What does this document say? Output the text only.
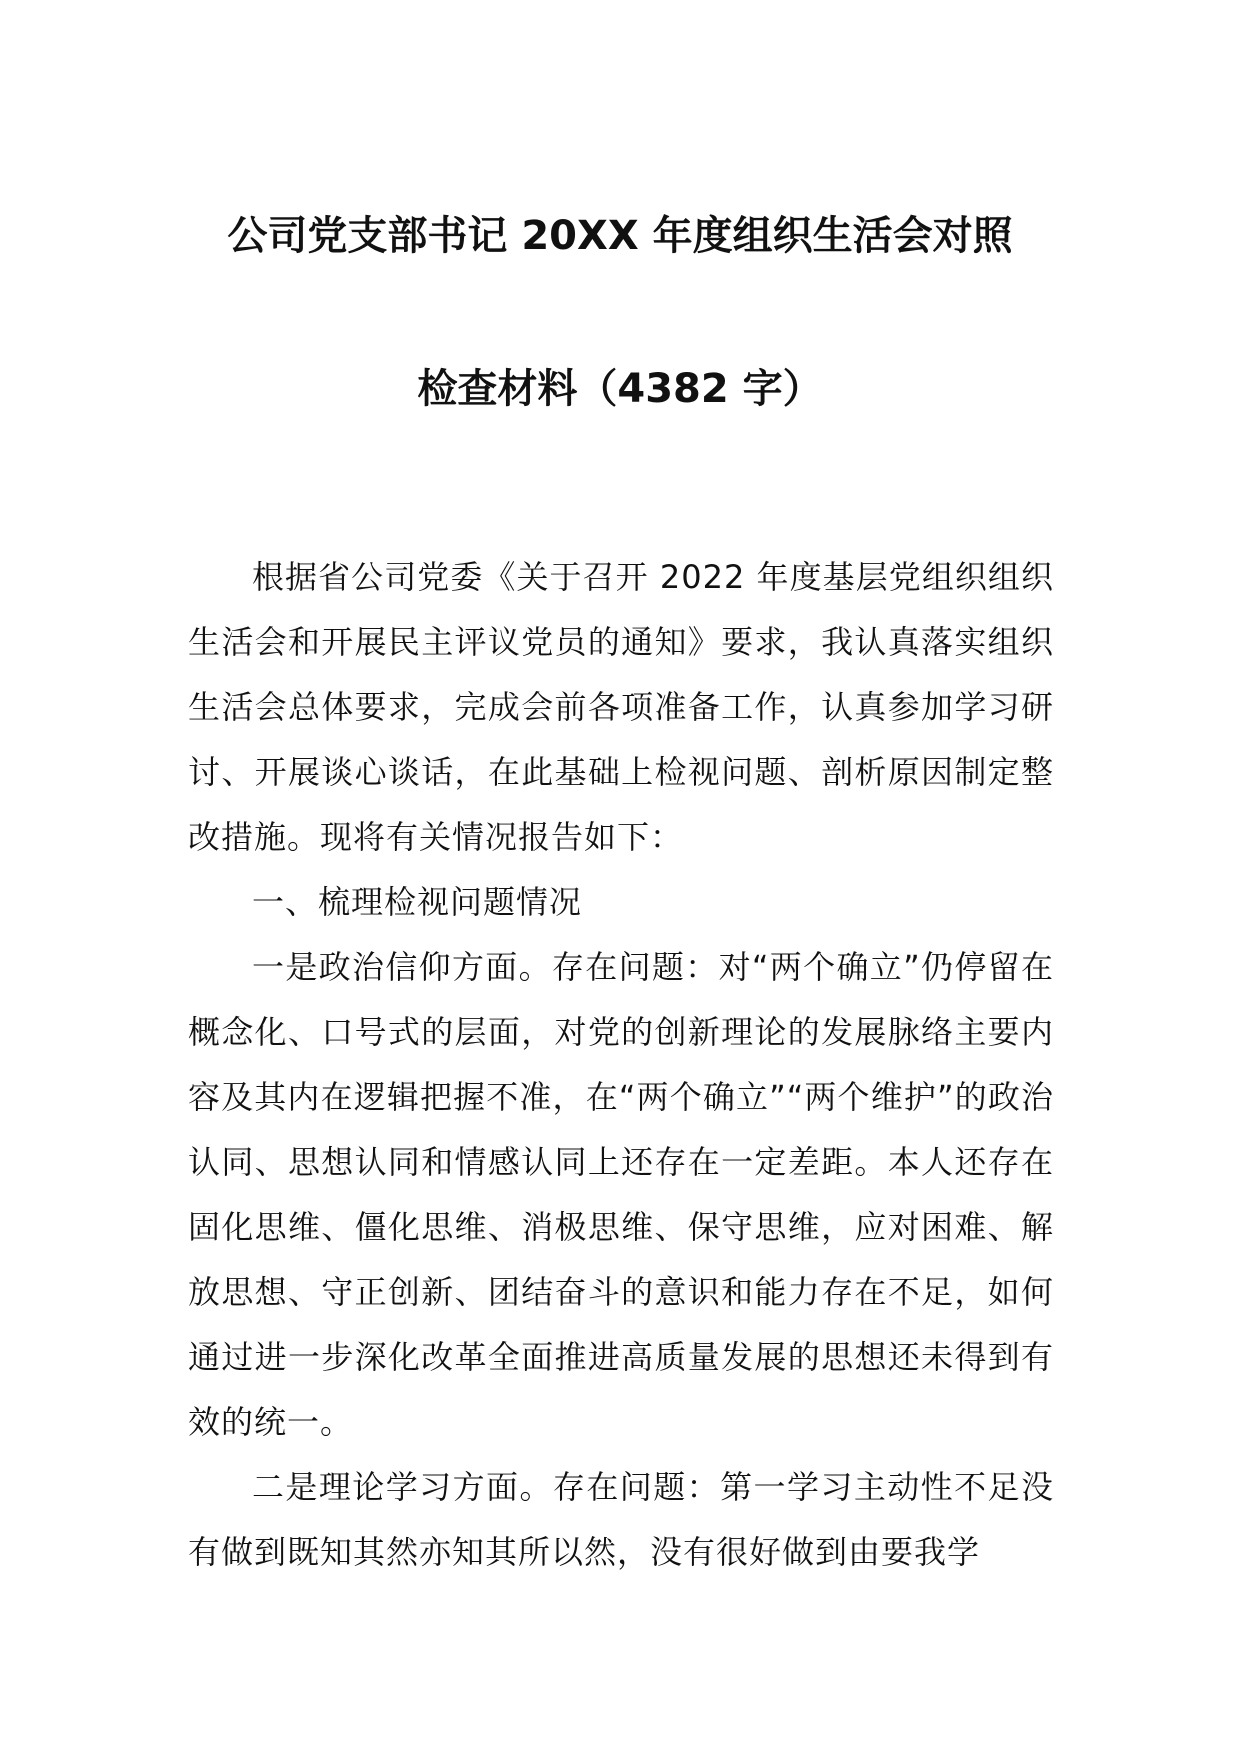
公司党支部书记 20XX 年度组织生活会对照
检查材料（4382 字）

根据省公司党委《关于召开 2022 年度基层党组织组织生活会和开展民主评议党员的通知》要求，我认真落实组织生活会总体要求，完成会前各项准备工作，认真参加学习研讨、开展谈心谈话，在此基础上检视问题、剖析原因制定整改措施。现将有关情况报告如下：

一、梳理检视问题情况

一是政治信仰方面。存在问题：对“两个确立”仍停留在概念化、口号式的层面，对党的创新理论的发展脉络主要内容及其内在逻辑把握不准，在“两个确立”“两个维护”的政治认同、思想认同和情感认同上还存在一定差距。本人还存在固化思维、僵化思维、消极思维、保守思维，应对困难、解放思想、守正创新、团结奋斗的意识和能力存在不足，如何通过进一步深化改革全面推进高质量发展的思想还未得到有效的统一。

二是理论学习方面。存在问题：第一学习主动性不足没有做到既知其然亦知其所以然，没有很好做到由要我学
